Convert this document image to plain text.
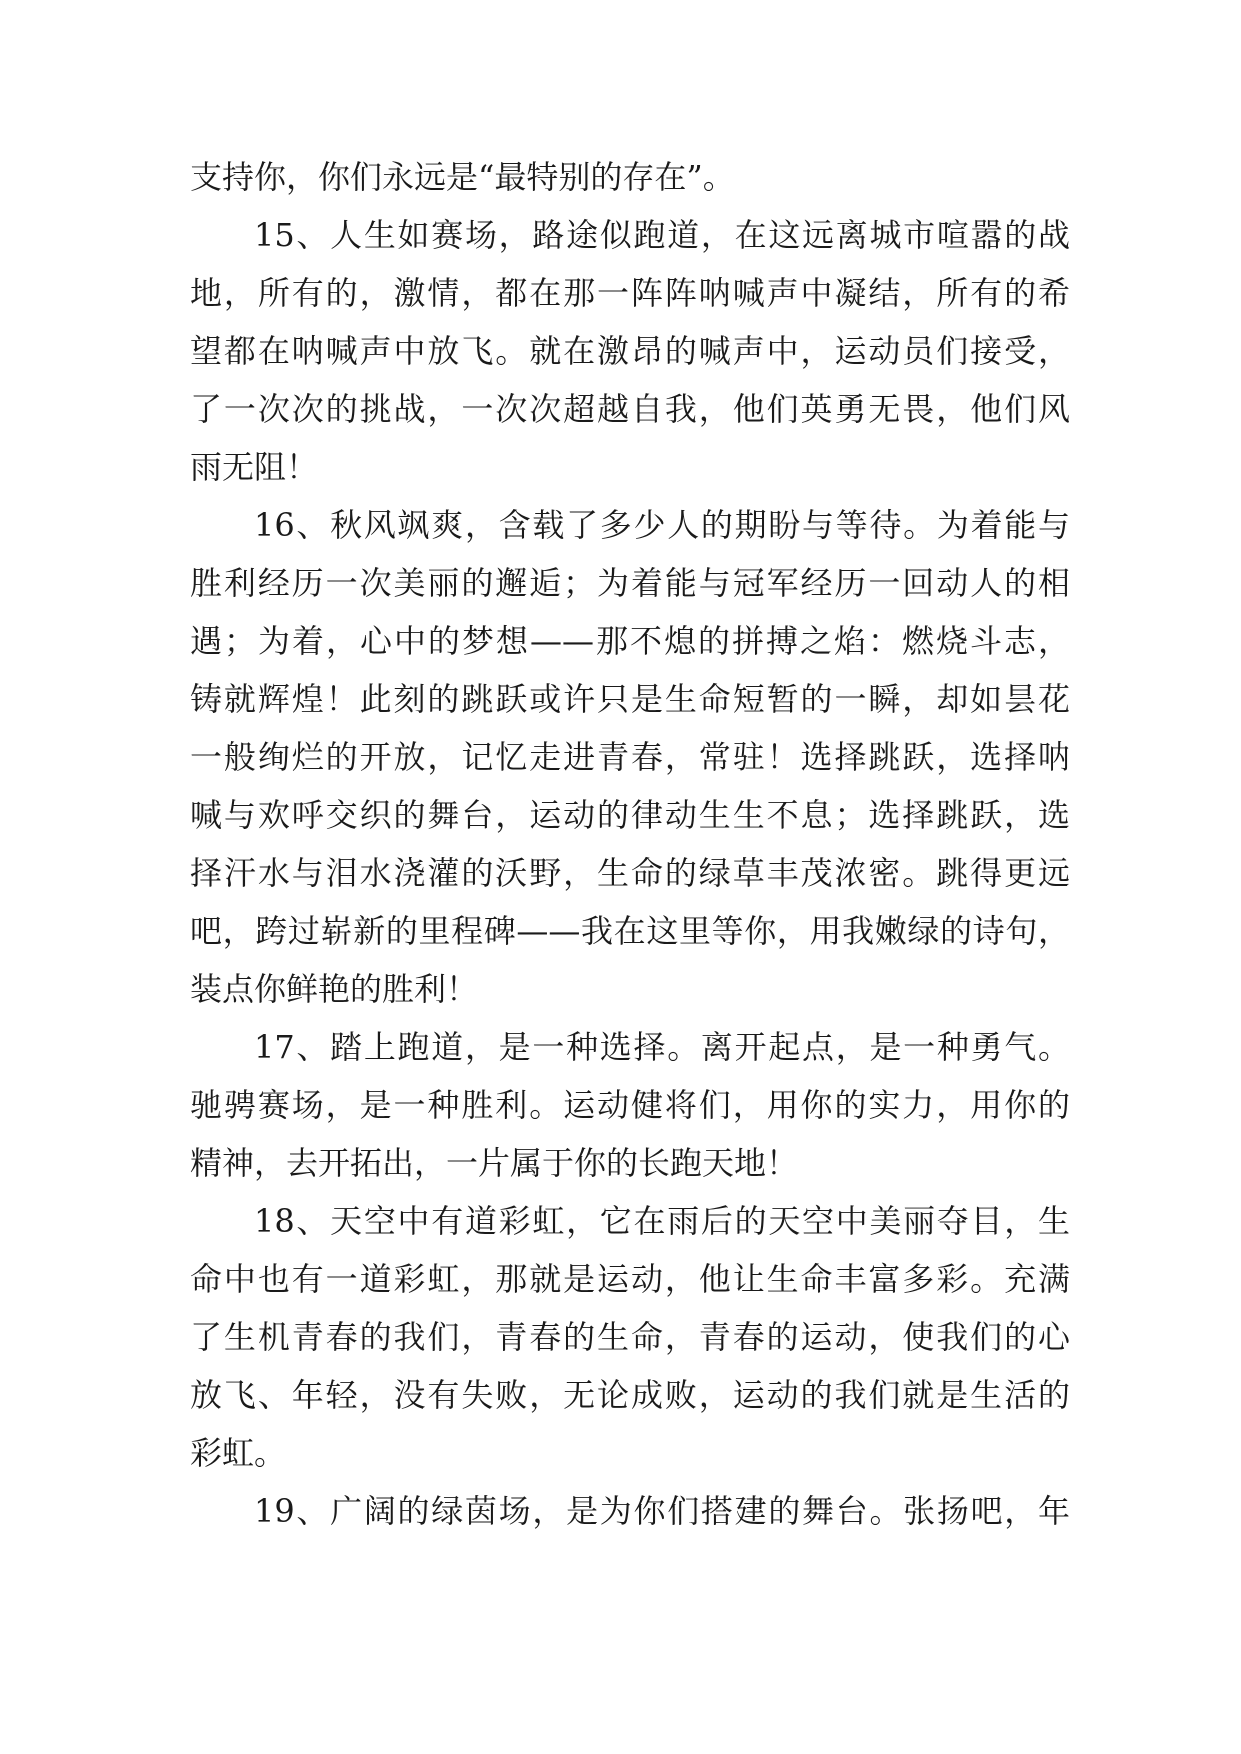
支持你，你们永远是“最特别的存在”。
15、人生如赛场，路途似跑道，在这远离城市喧嚣的战
地，所有的，激情，都在那一阵阵呐喊声中凝结，所有的希
望都在呐喊声中放飞。就在激昂的喊声中，运动员们接受，
了一次次的挑战，一次次超越自我，他们英勇无畏，他们风
雨无阻！
16、秋风飒爽，含载了多少人的期盼与等待。为着能与
胜利经历一次美丽的邂逅；为着能与冠军经历一回动人的相
遇；为着，心中的梦想——那不熄的拼搏之焰：燃烧斗志，
铸就辉煌！此刻的跳跃或许只是生命短暂的一瞬，却如昙花
一般绚烂的开放，记忆走进青春，常驻！选择跳跃，选择呐
喊与欢呼交织的舞台，运动的律动生生不息；选择跳跃，选
择汗水与泪水浇灌的沃野，生命的绿草丰茂浓密。跳得更远
吧，跨过崭新的里程碑——我在这里等你，用我嫩绿的诗句，
装点你鲜艳的胜利！
17、踏上跑道，是一种选择。离开起点，是一种勇气。
驰骋赛场，是一种胜利。运动健将们，用你的实力，用你的
精神，去开拓出，一片属于你的长跑天地！
18、天空中有道彩虹，它在雨后的天空中美丽夺目，生
命中也有一道彩虹，那就是运动，他让生命丰富多彩。充满
了生机青春的我们，青春的生命，青春的运动，使我们的心
放飞、年轻，没有失败，无论成败，运动的我们就是生活的
彩虹。
19、广阔的绿茵场，是为你们搭建的舞台。张扬吧，年
